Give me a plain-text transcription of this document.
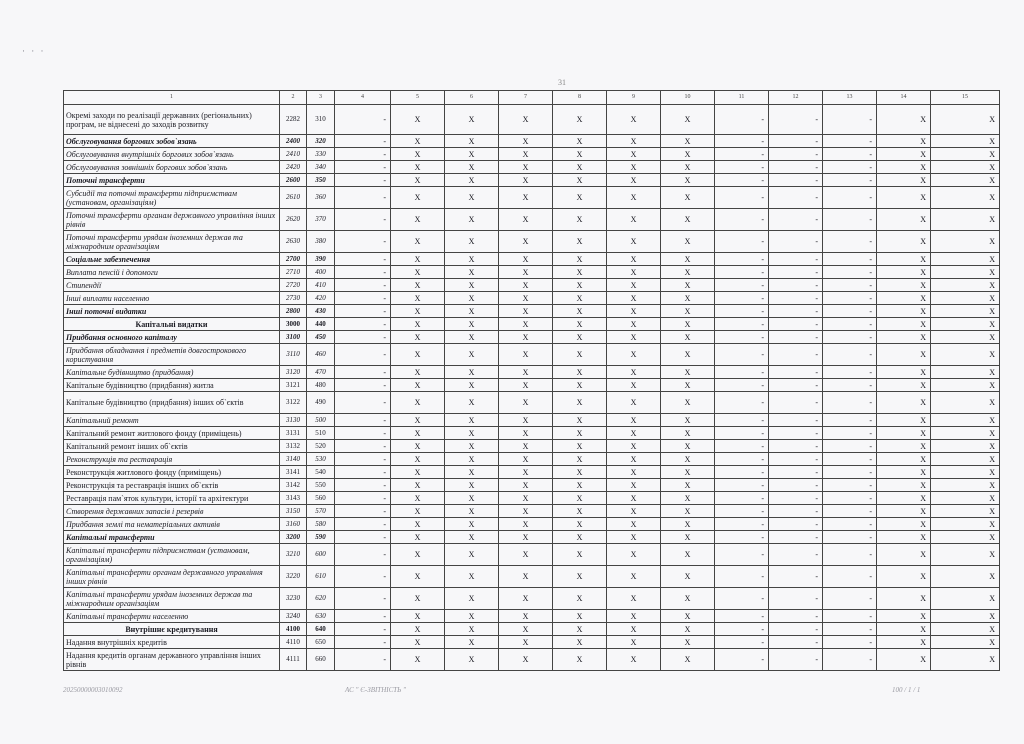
· · ·
31
1	2	3	4	5	6	7	8	9	10	11	12	13	14	15
Окремі заходи по реалізації державних (регіональних) програм, не віднесені до заходів розвитку	2282	310	-	X	X	X	X	X	X	-	-	-	X	X
Обслуговування боргових зобов`язань	2400	320	-	X	X	X	X	X	X	-	-	-	X	X
Обслуговування внутрішніх боргових зобов`язань	2410	330	-	X	X	X	X	X	X	-	-	-	X	X
Обслуговування зовнішніх боргових зобов`язань	2420	340	-	X	X	X	X	X	X	-	-	-	X	X
Поточні трансферти	2600	350	-	X	X	X	X	X	X	-	-	-	X	X
Субсидії та поточні трансферти підприємствам (установам, організаціям)	2610	360	-	X	X	X	X	X	X	-	-	-	X	X
Поточні трансферти органам державного управління інших рівнів	2620	370	-	X	X	X	X	X	X	-	-	-	X	X
Поточні трансферти урядам іноземних держав та міжнародним організаціям	2630	380	-	X	X	X	X	X	X	-	-	-	X	X
Соціальне забезпечення	2700	390	-	X	X	X	X	X	X	-	-	-	X	X
Виплата пенсій і допомоги	2710	400	-	X	X	X	X	X	X	-	-	-	X	X
Стипендії	2720	410	-	X	X	X	X	X	X	-	-	-	X	X
Інші виплати населенню	2730	420	-	X	X	X	X	X	X	-	-	-	X	X
Інші поточні видатки	2800	430	-	X	X	X	X	X	X	-	-	-	X	X
Капітальні видатки	3000	440	-	X	X	X	X	X	X	-	-	-	X	X
Придбання основного капіталу	3100	450	-	X	X	X	X	X	X	-	-	-	X	X
Придбання обладнання і предметів довгострокового користування	3110	460	-	X	X	X	X	X	X	-	-	-	X	X
Капітальне будівництво (придбання)	3120	470	-	X	X	X	X	X	X	-	-	-	X	X
Капітальне будівництво (придбання) житла	3121	480	-	X	X	X	X	X	X	-	-	-	X	X
Капітальне будівництво (придбання) інших об`єктів	3122	490	-	X	X	X	X	X	X	-	-	-	X	X
Капітальний ремонт	3130	500	-	X	X	X	X	X	X	-	-	-	X	X
Капітальний ремонт житлового фонду (приміщень)	3131	510	-	X	X	X	X	X	X	-	-	-	X	X
Капітальний ремонт інших об`єктів	3132	520	-	X	X	X	X	X	X	-	-	-	X	X
Реконструкція та реставрація	3140	530	-	X	X	X	X	X	X	-	-	-	X	X
Реконструкція житлового фонду (приміщень)	3141	540	-	X	X	X	X	X	X	-	-	-	X	X
Реконструкція та реставрація інших об`єктів	3142	550	-	X	X	X	X	X	X	-	-	-	X	X
Реставрація пам`яток культури, історії та архітектури	3143	560	-	X	X	X	X	X	X	-	-	-	X	X
Створення державних запасів і резервів	3150	570	-	X	X	X	X	X	X	-	-	-	X	X
Придбання землі та нематеріальних активів	3160	580	-	X	X	X	X	X	X	-	-	-	X	X
Капітальні трансферти	3200	590	-	X	X	X	X	X	X	-	-	-	X	X
Капітальні трансферти підприємствам (установам, організаціям)	3210	600	-	X	X	X	X	X	X	-	-	-	X	X
Капітальні трансферти органам державного управління інших рівнів	3220	610	-	X	X	X	X	X	X	-	-	-	X	X
Капітальні трансферти урядам іноземних держав та міжнародним організаціям	3230	620	-	X	X	X	X	X	X	-	-	-	X	X
Капітальні трансферти населенню	3240	630	-	X	X	X	X	X	X	-	-	-	X	X
Внутрішнє кредитування	4100	640	-	X	X	X	X	X	X	-	-	-	X	X
Надання внутрішніх кредитів	4110	650	-	X	X	X	X	X	X	-	-	-	X	X
Надання кредитів органам державного управління інших рівнів	4111	660	-	X	X	X	X	X	X	-	-	-	X	X
20250000003010092	АС " Є-ЗВІТНІСТЬ "	100 / 1 / 1
